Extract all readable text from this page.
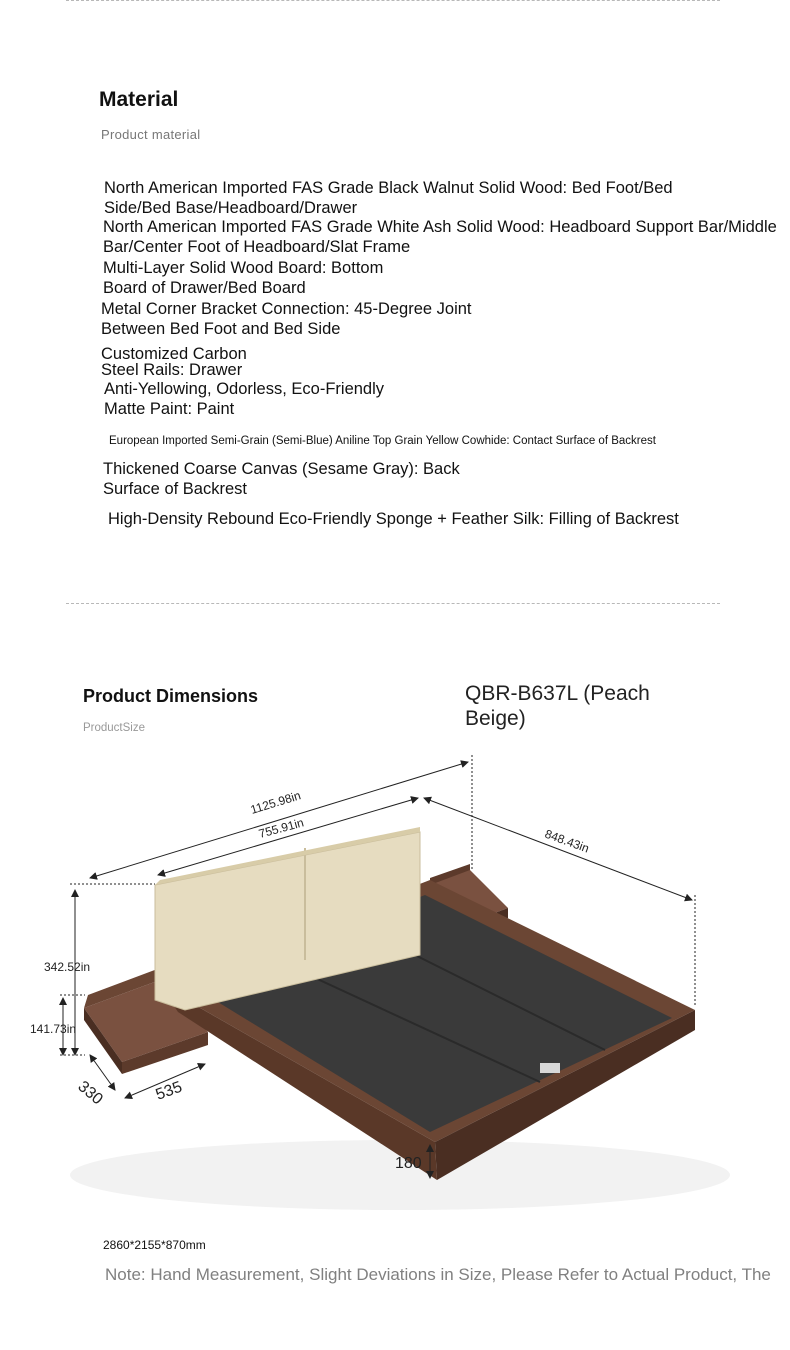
Material
Product material
North American Imported FAS Grade Black Walnut Solid Wood: Bed Foot/Bed
Side/Bed Base/Headboard/Drawer
North American Imported FAS Grade White Ash Solid Wood: Headboard Support Bar/Middle
Bar/Center Foot of Headboard/Slat Frame
Multi-Layer Solid Wood Board: Bottom
Board of Drawer/Bed Board
Metal Corner Bracket Connection: 45-Degree Joint
Between Bed Foot and Bed Side
Customized Carbon
Steel Rails: Drawer
Anti-Yellowing, Odorless, Eco-Friendly
Matte Paint: Paint
European Imported Semi-Grain (Semi-Blue) Aniline Top Grain Yellow Cowhide: Contact Surface of Backrest
Thickened Coarse Canvas (Sesame Gray): Back
Surface of Backrest
High-Density Rebound Eco-Friendly Sponge + Feather Silk: Filling of Backrest
Product Dimensions
ProductSize
QBR-B637L (Peach
Beige)
1125.98in
755.91in	848.43in
342.52in
141.73in
330	535
180
2860*2155*870mm
Note: Hand Measurement, Slight Deviations in Size, Please Refer to Actual Product, The
